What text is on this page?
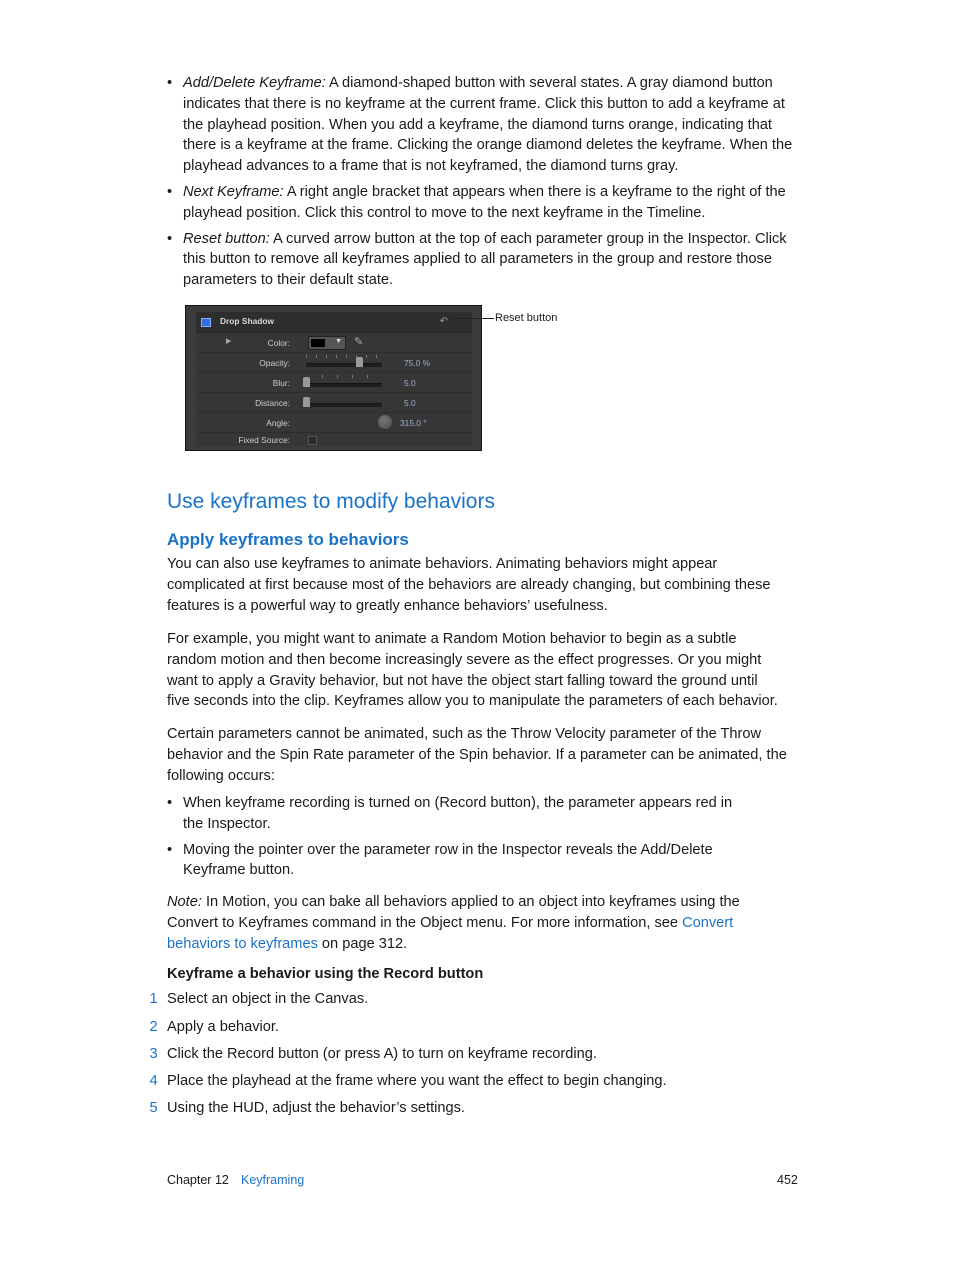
• Add/Delete Keyframe: A diamond-shaped button with several states. A gray diamond button
indicates that there is no keyframe at the current frame. Click this button to add a keyframe at
the playhead position. When you add a keyframe, the diamond turns orange, indicating that
there is a keyframe at the frame. Clicking the orange diamond deletes the keyframe. When the
playhead advances to a frame that is not keyframed, the diamond turns gray.

• Next Keyframe: A right angle bracket that appears when there is a keyframe to the right of the
playhead position. Click this control to move to the next keyframe in the Timeline.

• Reset button: A curved arrow button at the top of each parameter group in the Inspector. Click
this button to remove all keyframes applied to all parameters in the group and restore those
parameters to their default state.

Drop Shadow	↶
▶	Color:	▼ ✎
Opacity:	75.0 %
Blur:	5.0
Distance:	5.0
Angle:	315.0 °
Fixed Source:
Reset button
Use keyframes to modify behaviors
Apply keyframes to behaviors

You can also use keyframes to animate behaviors. Animating behaviors might appear
complicated at first because most of the behaviors are already changing, but combining these
features is a powerful way to greatly enhance behaviors’ usefulness.

For example, you might want to animate a Random Motion behavior to begin as a subtle
random motion and then become increasingly severe as the effect progresses. Or you might
want to apply a Gravity behavior, but not have the object start falling toward the ground until
five seconds into the clip. Keyframes allow you to manipulate the parameters of each behavior.

Certain parameters cannot be animated, such as the Throw Velocity parameter of the Throw
behavior and the Spin Rate parameter of the Spin behavior. If a parameter can be animated, the
following occurs:

• When keyframe recording is turned on (Record button), the parameter appears red in
the Inspector.

• Moving the pointer over the parameter row in the Inspector reveals the Add/Delete
Keyframe button.

Note: In Motion, you can bake all behaviors applied to an object into keyframes using the
Convert to Keyframes command in the Object menu. For more information, see Convert
behaviors to keyframes on page 312.

Keyframe a behavior using the Record button
1 Select an object in the Canvas.
2 Apply a behavior.
3 Click the Record button (or press A) to turn on keyframe recording.
4 Place the playhead at the frame where you want the effect to begin changing.
5 Using the HUD, adjust the behavior’s settings.
Chapter 12 Keyframing	452
